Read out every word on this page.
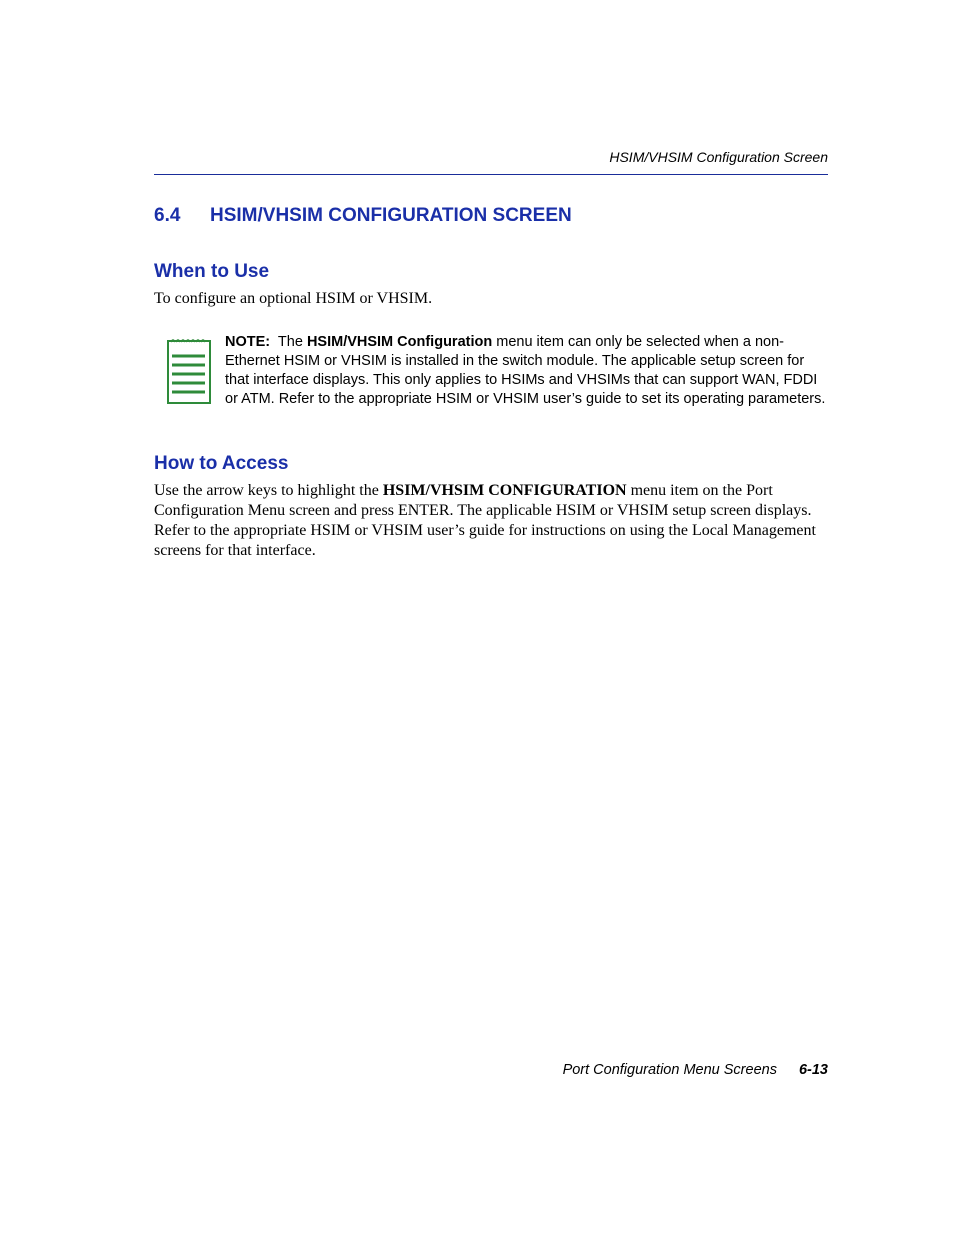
HSIM/VHSIM Configuration Screen
6.4 HSIM/VHSIM CONFIGURATION SCREEN
When to Use
To configure an optional HSIM or VHSIM.
NOTE: The HSIM/VHSIM Configuration menu item can only be selected when a non-Ethernet HSIM or VHSIM is installed in the switch module. The applicable setup screen for that interface displays. This only applies to HSIMs and VHSIMs that can support WAN, FDDI or ATM. Refer to the appropriate HSIM or VHSIM user’s guide to set its operating parameters.
How to Access
Use the arrow keys to highlight the HSIM/VHSIM CONFIGURATION menu item on the Port Configuration Menu screen and press ENTER. The applicable HSIM or VHSIM setup screen displays. Refer to the appropriate HSIM or VHSIM user’s guide for instructions on using the Local Management screens for that interface.
Port Configuration Menu Screens 6-13
